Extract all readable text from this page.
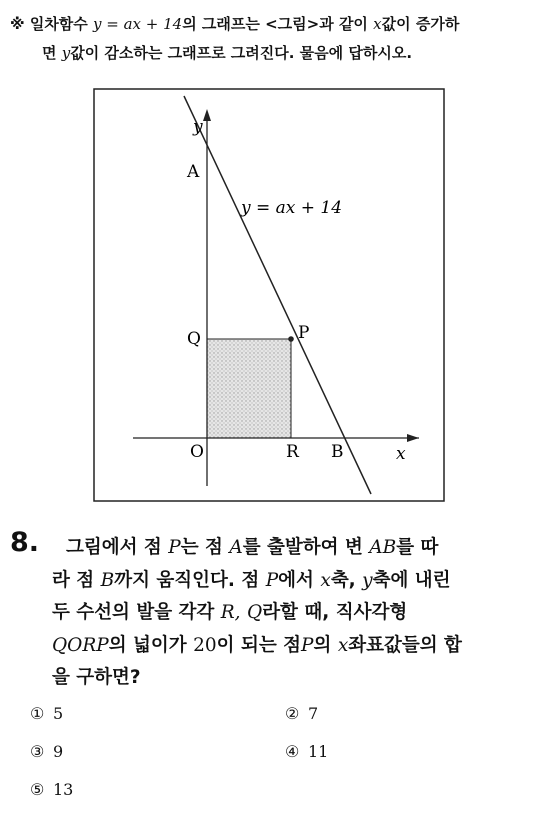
※ 일차함수 y = ax + 14의 그래프는 <그림>과 같이 x값이 증가하
면 y값이 감소하는 그래프로 그려진다. 물음에 답하시오.
y
x
A
Q	P
O	R B
y = ax + 14
8.	그림에서 점 P는 점 A를 출발하여 변 AB를 따
라 점 B까지 움직인다. 점 P에서 x축, y축에 내린
두 수선의 발을 각각 R, Q라할 때, 직사각형
QORP의 넓이가 20이 되는 점P의 x좌표값들의 합
을 구하면?
① 5	② 7
③ 9	④ 11
⑤ 13
